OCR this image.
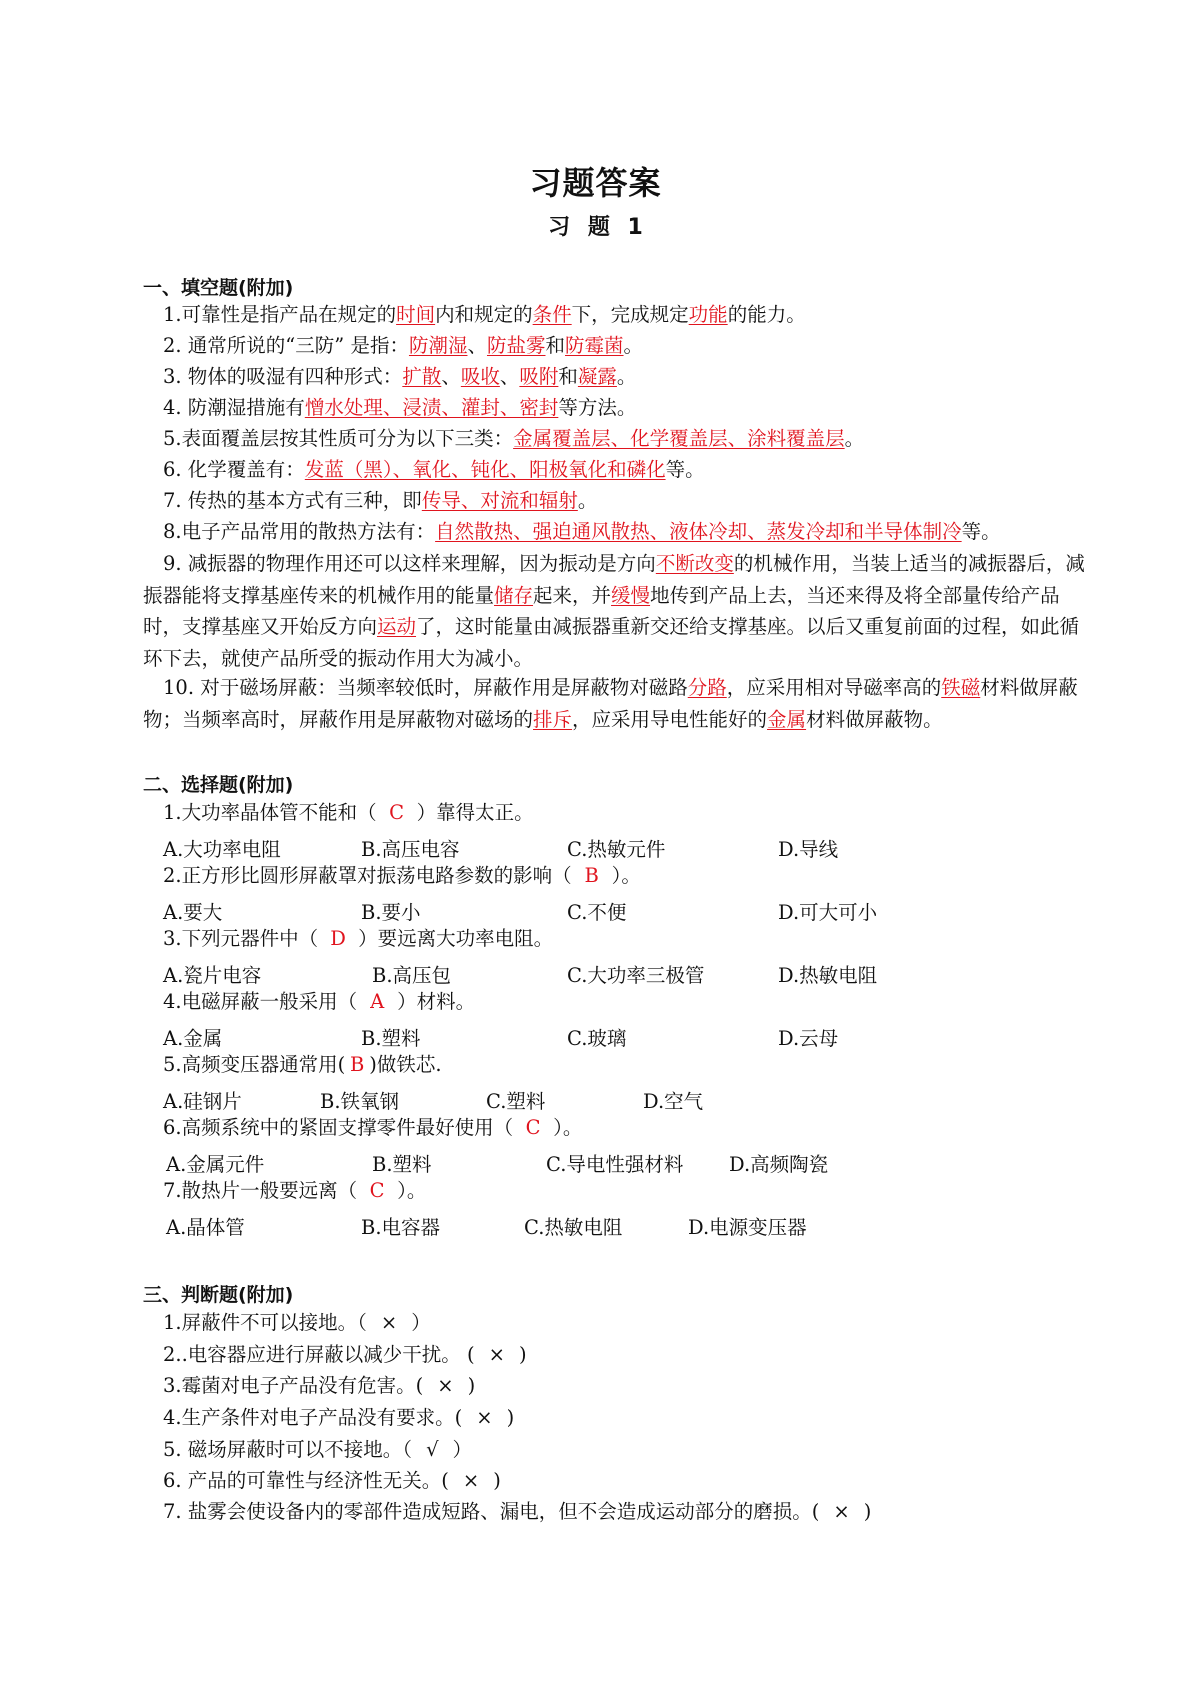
习题答案
习 题 1
一、填空题(附加)
1.可靠性是指产品在规定的时间内和规定的条件下，完成规定功能的能力。
2. 通常所说的“三防” 是指：防潮湿、防盐雾和防霉菌。
3. 物体的吸湿有四种形式：扩散、吸收、吸附和凝露。
4. 防潮湿措施有憎水处理、浸渍、灌封、密封等方法。
5.表面覆盖层按其性质可分为以下三类：金属覆盖层、化学覆盖层、涂料覆盖层。
6. 化学覆盖有：发蓝（黑）、氧化、钝化、阳极氧化和磷化等。
7. 传热的基本方式有三种，即传导、对流和辐射。
8.电子产品常用的散热方法有：自然散热、强迫通风散热、液体冷却、蒸发冷却和半导体制冷等。
9. 减振器的物理作用还可以这样来理解，因为振动是方向不断改变的机械作用，当装上适当的减振器后，减振器能将支撑基座传来的机械作用的能量储存起来，并缓慢地传到产品上去，当还来得及将全部量传给产品时，支撑基座又开始反方向运动了，这时能量由减振器重新交还给支撑基座。以后又重复前面的过程，如此循环下去，就使产品所受的振动作用大为减小。
10. 对于磁场屏蔽：当频率较低时，屏蔽作用是屏蔽物对磁路分路，应采用相对导磁率高的铁磁材料做屏蔽物；当频率高时，屏蔽作用是屏蔽物对磁场的排斥，应采用导电性能好的金属材料做屏蔽物。
二、选择题(附加)
1.大功率晶体管不能和（ C ）靠得太正。
A.大功率电阻	B.高压电容	C.热敏元件	D.导线
2.正方形比圆形屏蔽罩对振荡电路参数的影响（ B ）。
A.要大	B.要小	C.不便	D.可大可小
3.下列元器件中（ D ）要远离大功率电阻。
A.瓷片电容	B.高压包	C.大功率三极管	D.热敏电阻
4.电磁屏蔽一般采用（ A ）材料。
A.金属	B.塑料	C.玻璃	D.云母
5.高频变压器通常用( B )做铁芯.
A.硅钢片	B.铁氧钢	C.塑料	D.空气
6.高频系统中的紧固支撑零件最好使用（ C ）。
A.金属元件	B.塑料	C.导电性强材料 D.高频陶瓷
7.散热片一般要远离（ C ）。
A.晶体管	B.电容器	C.热敏电阻	D.电源变压器
三、判断题(附加)
1.屏蔽件不可以接地。（ × ）
2..电容器应进行屏蔽以减少干扰。 ( × )
3.霉菌对电子产品没有危害。( × )
4.生产条件对电子产品没有要求。( × )
5. 磁场屏蔽时可以不接地。（ √ ）
6. 产品的可靠性与经济性无关。( × )
7. 盐雾会使设备内的零部件造成短路、漏电，但不会造成运动部分的磨损。( × )
